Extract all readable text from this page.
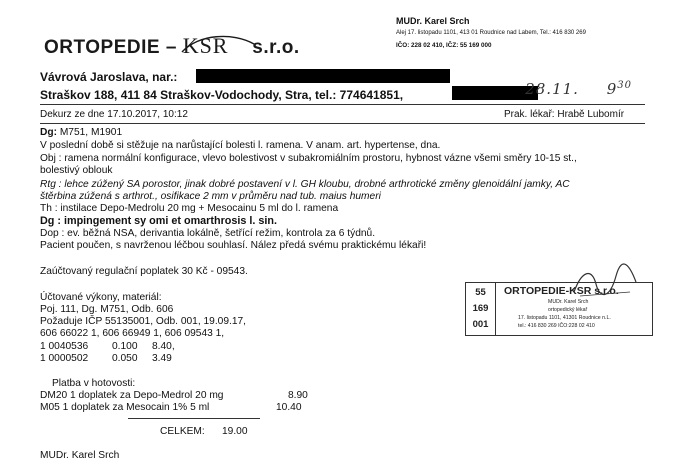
ORTOPEDIE – KSR s.r.o.
MUDr. Karel Srch
Alej 17. listopadu 1101, 413 01 Roudnice nad Labem, Tel.: 416 830 269
IČO: 228 02 410, IČZ: 55 169 000
Vávrová Jaroslava, nar.:
Straškov 188, 411 84 Straškov-Vodochody, Stra, tel.: 774641851,	28.11. $9^{30}$
Dekurz ze dne 17.10.2017, 10:12	Prak. lékař: Hrabě Lubomír
Dg: M751, M1901
V poslední době si stěžuje na narůstající bolesti l. ramena. V anam. art. hypertense, dna.
Obj : ramena normální konfigurace, vlevo bolestivost v subakromiálním prostoru, hybnost vázne všemi směry 10-15 st.,
bolestivý oblouk
Rtg : lehce zúžený SA porostor, jinak dobré postavení v l. GH kloubu, drobné arthrotické změny glenoidální jamky, AC
štěrbina zúžená s arthrot., osifikace 2 mm v průměru nad tub. maius humeri
Th : instilace Depo-Medrolu 20 mg + Mesocainu 5 ml do l. ramena
Dg : impingement sy omi et omarthrosis l. sin.
Dop : ev. běžná NSA, derivantia lokálně, šetřící režim, kontrola za 6 týdnů.
Pacient poučen, s navrženou léčbou souhlasí. Nález předá svému praktickému lékaři!
Zaúčtovaný regulační poplatek 30 Kč - 09543.
Účtované výkony, materiál:
Poj. 111, Dg. M751, Odb. 606
Požaduje IČP 55135001, Odb. 001, 19.09.17,
606 66022 1, 606 66949 1, 606 09543 1,
1 0040536 0.100 8.40,
1 0000502 0.050 3.49
Platba v hotovosti:
DM20 1 doplatek za Depo-Medrol 20 mg	8.90
M05 1 doplatek za Mesocain 1% 5 ml	10.40
CELKEM: 19.00
MUDr. Karel Srch
55
169
001
ORTOPEDIE-KSR s.r.o.
MUDr. Karel Srch
ortopedický lékař
17. listopadu 1101, 41301 Roudnice n.L.
tel.: 416 830 269 IČO:228 02 410
